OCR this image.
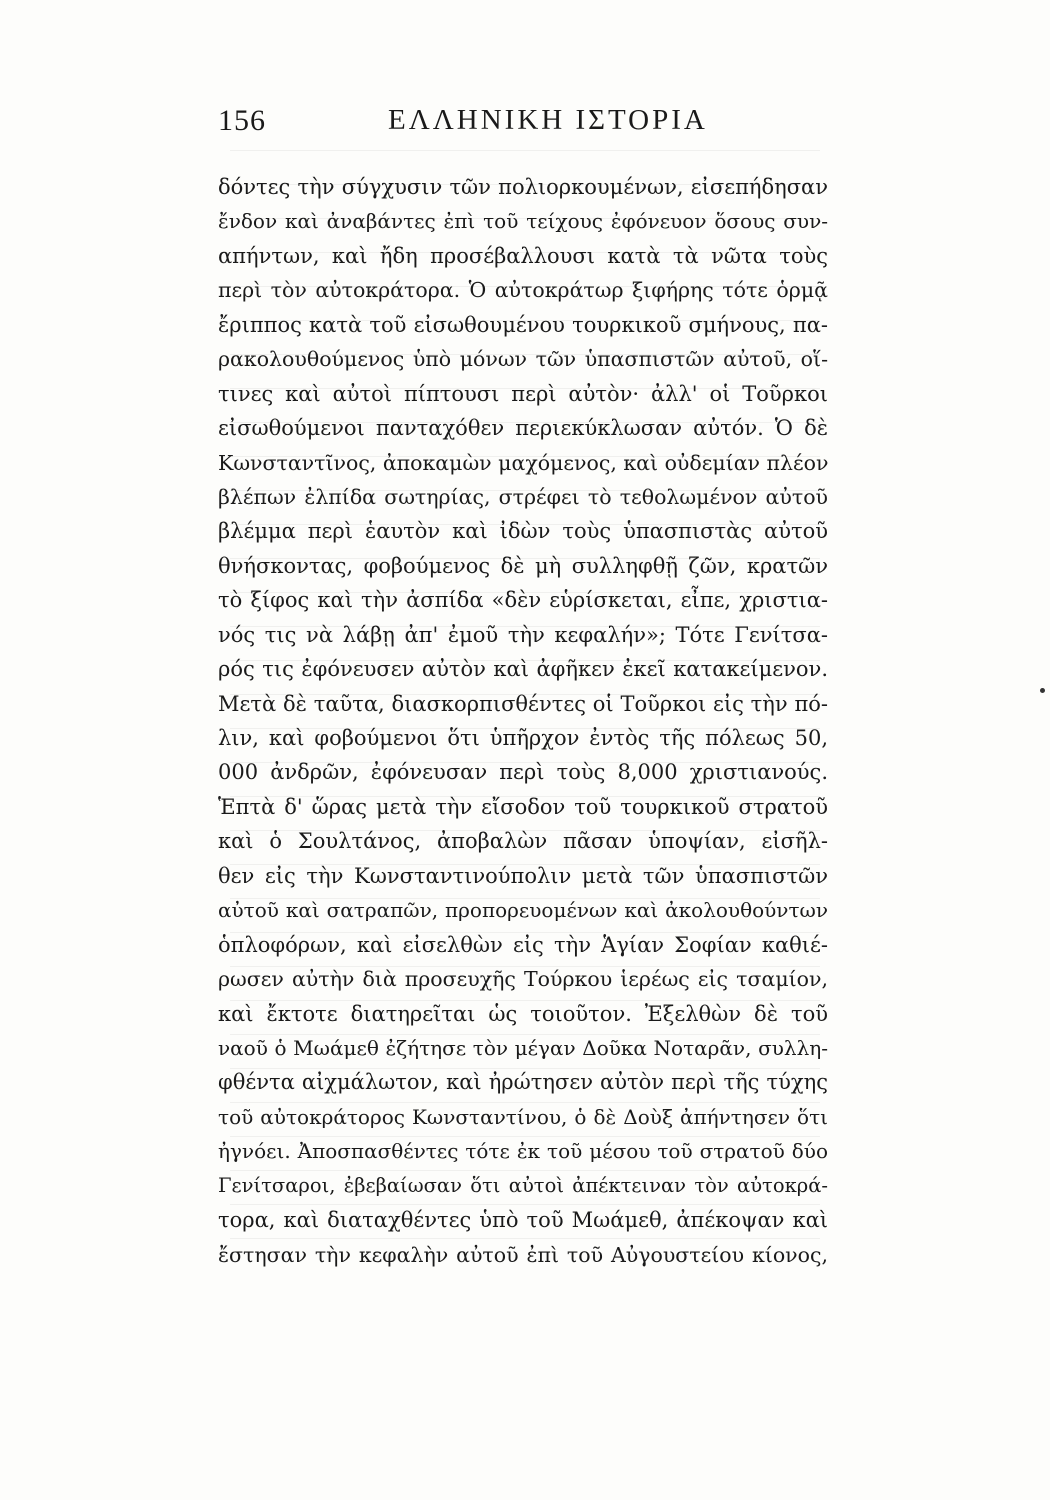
156	ΕΛΛΗΝΙΚΗ ΙΣΤΟΡΙΑ
δόντες τὴν σύγχυσιν τῶν πολιορκουμένων, εἰσεπήδησαν
ἔνδον καὶ ἀναβάντες ἐπὶ τοῦ τείχους ἐφόνευον ὅσους συν-
απήντων, καὶ ἤδη προσέβαλλουσι κατὰ τὰ νῶτα τοὺς
περὶ τὸν αὐτοκράτορα. Ὁ αὐτοκράτωρ ξιφήρης τότε ὁρμᾷ
ἔριππος κατὰ τοῦ εἰσωθουμένου τουρκικοῦ σμήνους, πα-
ρακολουθούμενος ὑπὸ μόνων τῶν ὑπασπιστῶν αὐτοῦ, οἵ-
τινες καὶ αὐτοὶ πίπτουσι περὶ αὐτὸν· ἀλλ' οἱ Τοῦρκοι
εἰσωθούμενοι πανταχόθεν περιεκύκλωσαν αὐτόν. Ὁ δὲ
Κωνσταντῖνος, ἀποκαμὼν μαχόμενος, καὶ οὐδεμίαν πλέον
βλέπων ἐλπίδα σωτηρίας, στρέφει τὸ τεθολωμένον αὐτοῦ
βλέμμα περὶ ἑαυτὸν καὶ ἰδὼν τοὺς ὑπασπιστὰς αὐτοῦ
θνήσκοντας, φοβούμενος δὲ μὴ συλληφθῇ ζῶν, κρατῶν
τὸ ξίφος καὶ τὴν ἀσπίδα «δὲν εὑρίσκεται, εἶπε, χριστια-
νός τις νὰ λάβῃ ἀπ' ἐμοῦ τὴν κεφαλήν»; Τότε Γενίτσα-
ρός τις ἐφόνευσεν αὐτὸν καὶ ἀφῆκεν ἐκεῖ κατακείμενον.
Μετὰ δὲ ταῦτα, διασκορπισθέντες οἱ Τοῦρκοι εἰς τὴν πό-
λιν, καὶ φοβούμενοι ὅτι ὑπῆρχον ἐντὸς τῆς πόλεως 50,
000 ἀνδρῶν, ἐφόνευσαν περὶ τοὺς 8,000 χριστιανούς.
Ἑπτὰ δ' ὥρας μετὰ τὴν εἴσοδον τοῦ τουρκικοῦ στρατοῦ
καὶ ὁ Σουλτάνος, ἀποβαλὼν πᾶσαν ὑποψίαν, εἰσῆλ-
θεν εἰς τὴν Κωνσταντινούπολιν μετὰ τῶν ὑπασπιστῶν
αὐτοῦ καὶ σατραπῶν, προπορευομένων καὶ ἀκολουθούντων
ὁπλοφόρων, καὶ εἰσελθὼν εἰς τὴν Ἁγίαν Σοφίαν καθιέ-
ρωσεν αὐτὴν διὰ προσευχῆς Τούρκου ἱερέως εἰς τσαμίον,
καὶ ἔκτοτε διατηρεῖται ὡς τοιοῦτον. Ἐξελθὼν δὲ τοῦ
ναοῦ ὁ Μωάμεθ ἐζήτησε τὸν μέγαν Δοῦκα Νοταρᾶν, συλλη-
φθέντα αἰχμάλωτον, καὶ ἠρώτησεν αὐτὸν περὶ τῆς τύχης
τοῦ αὐτοκράτορος Κωνσταντίνου, ὁ δὲ Δοὺξ ἀπήντησεν ὅτι
ἠγνόει. Ἀποσπασθέντες τότε ἐκ τοῦ μέσου τοῦ στρατοῦ δύο
Γενίτσαροι, ἐβεβαίωσαν ὅτι αὐτοὶ ἀπέκτειναν τὸν αὐτοκρά-
τορα, καὶ διαταχθέντες ὑπὸ τοῦ Μωάμεθ, ἀπέκοψαν καὶ
ἔστησαν τὴν κεφαλὴν αὐτοῦ ἐπὶ τοῦ Αὐγουστείου κίονος,
